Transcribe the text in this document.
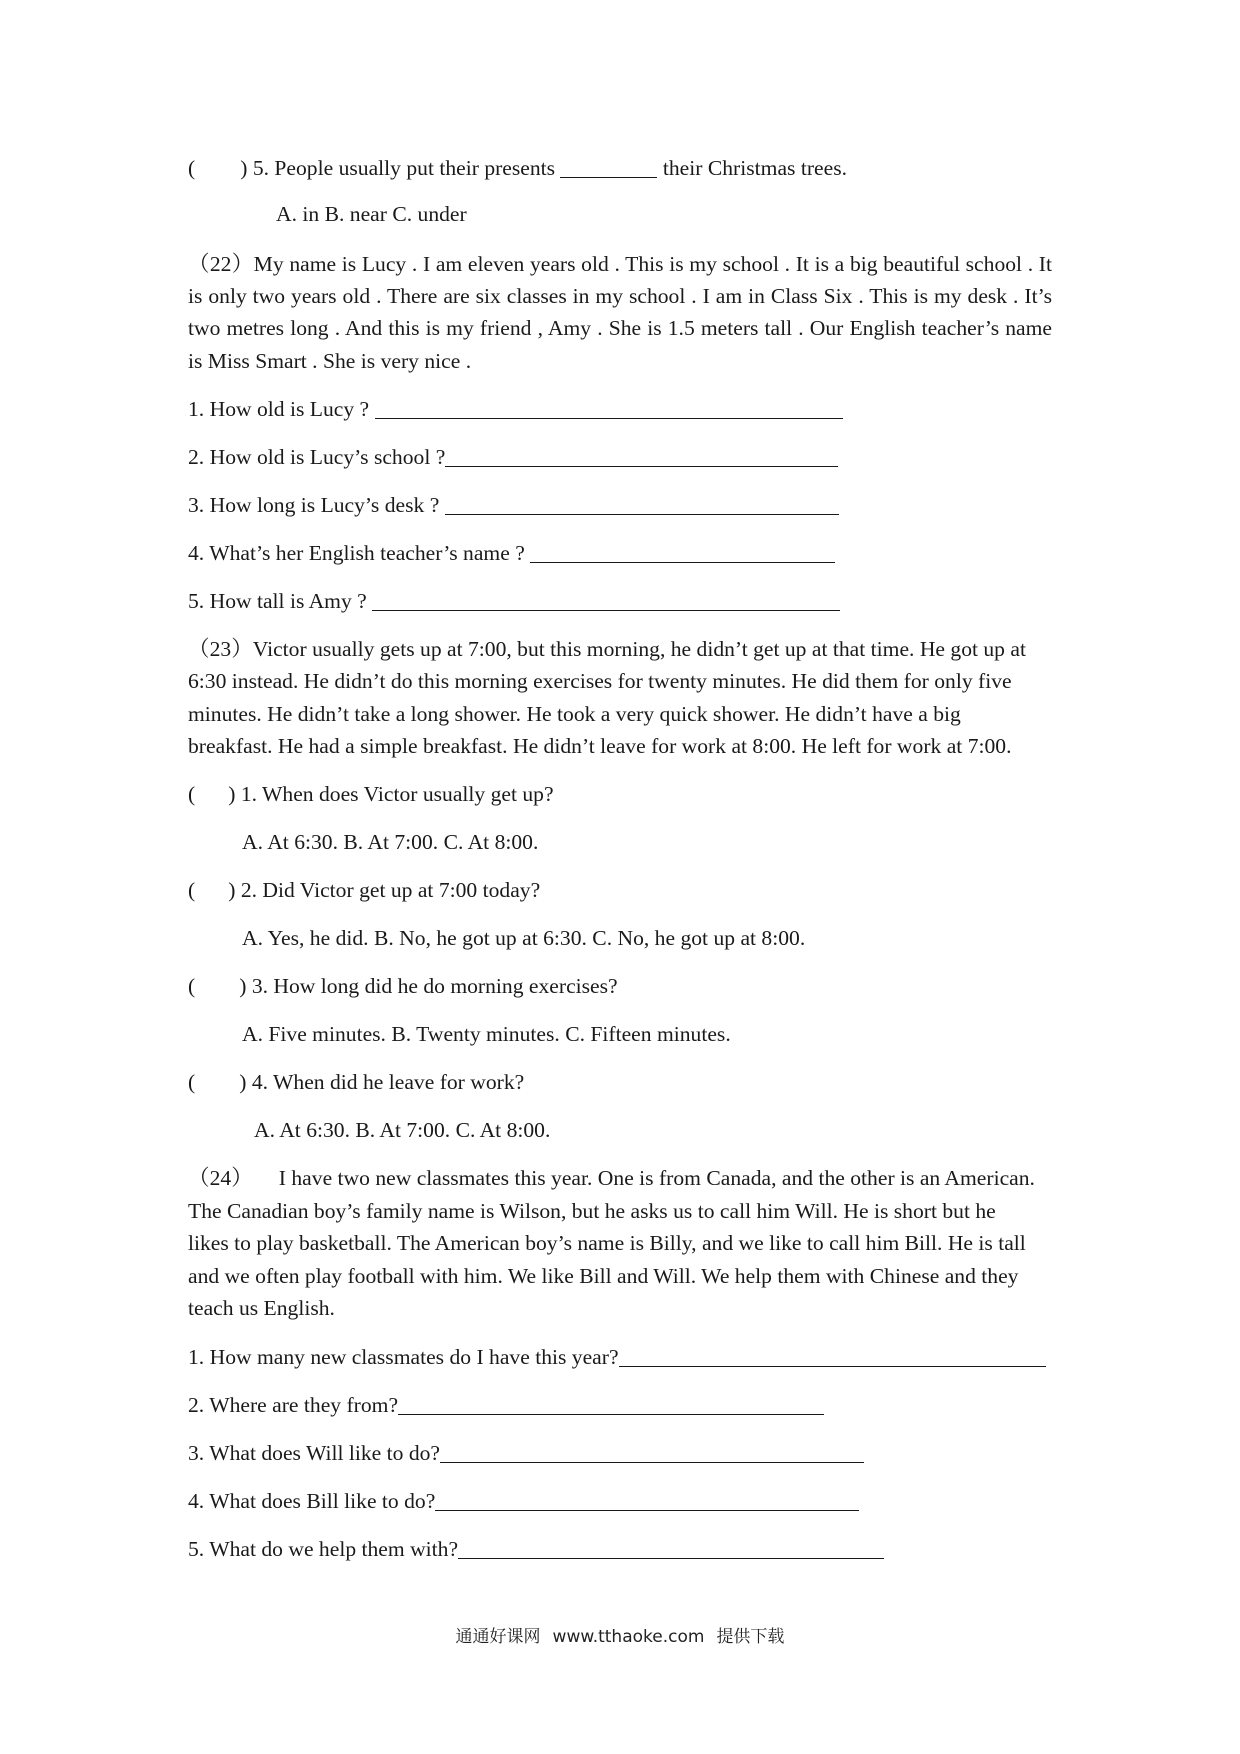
( ) 5. People usually put their presents	their Christmas trees.
A. in B. near C. under
（22）My name is Lucy . I am eleven years old . This is my school . It is a big beautiful school . It
is only two years old . There are six classes in my school . I am in Class Six . This is my desk . It’s
two metres long . And this is my friend , Amy . She is 1.5 meters tall . Our English teacher’s name
is Miss Smart . She is very nice .
1. How old is Lucy ?
2. How old is Lucy’s school ?
3. How long is Lucy’s desk ?
4. What’s her English teacher’s name ?
5. How tall is Amy ?
（23）Victor usually gets up at 7:00, but this morning, he didn’t get up at that time. He got up at
6:30 instead. He didn’t do this morning exercises for twenty minutes. He did them for only five
minutes. He didn’t take a long shower. He took a very quick shower. He didn’t have a big
breakfast. He had a simple breakfast. He didn’t leave for work at 8:00. He left for work at 7:00.
( ) 1. When does Victor usually get up?
A. At 6:30. B. At 7:00. C. At 8:00.
( ) 2. Did Victor get up at 7:00 today?
A. Yes, he did. B. No, he got up at 6:30. C. No, he got up at 8:00.
( ) 3. How long did he do morning exercises?
A. Five minutes. B. Twenty minutes. C. Fifteen minutes.
( ) 4. When did he leave for work?
A. At 6:30. B. At 7:00. C. At 8:00.
（24） I have two new classmates this year. One is from Canada, and the other is an American.
The Canadian boy’s family name is Wilson, but he asks us to call him Will. He is short but he
likes to play basketball. The American boy’s name is Billy, and we like to call him Bill. He is tall
and we often play football with him. We like Bill and Will. We help them with Chinese and they
teach us English.
1. How many new classmates do I have this year?
2. Where are they from?
3. What does Will like to do?
4. What does Bill like to do?
5. What do we help them with?
通通好课网 www.tthaoke.com 提供下载
